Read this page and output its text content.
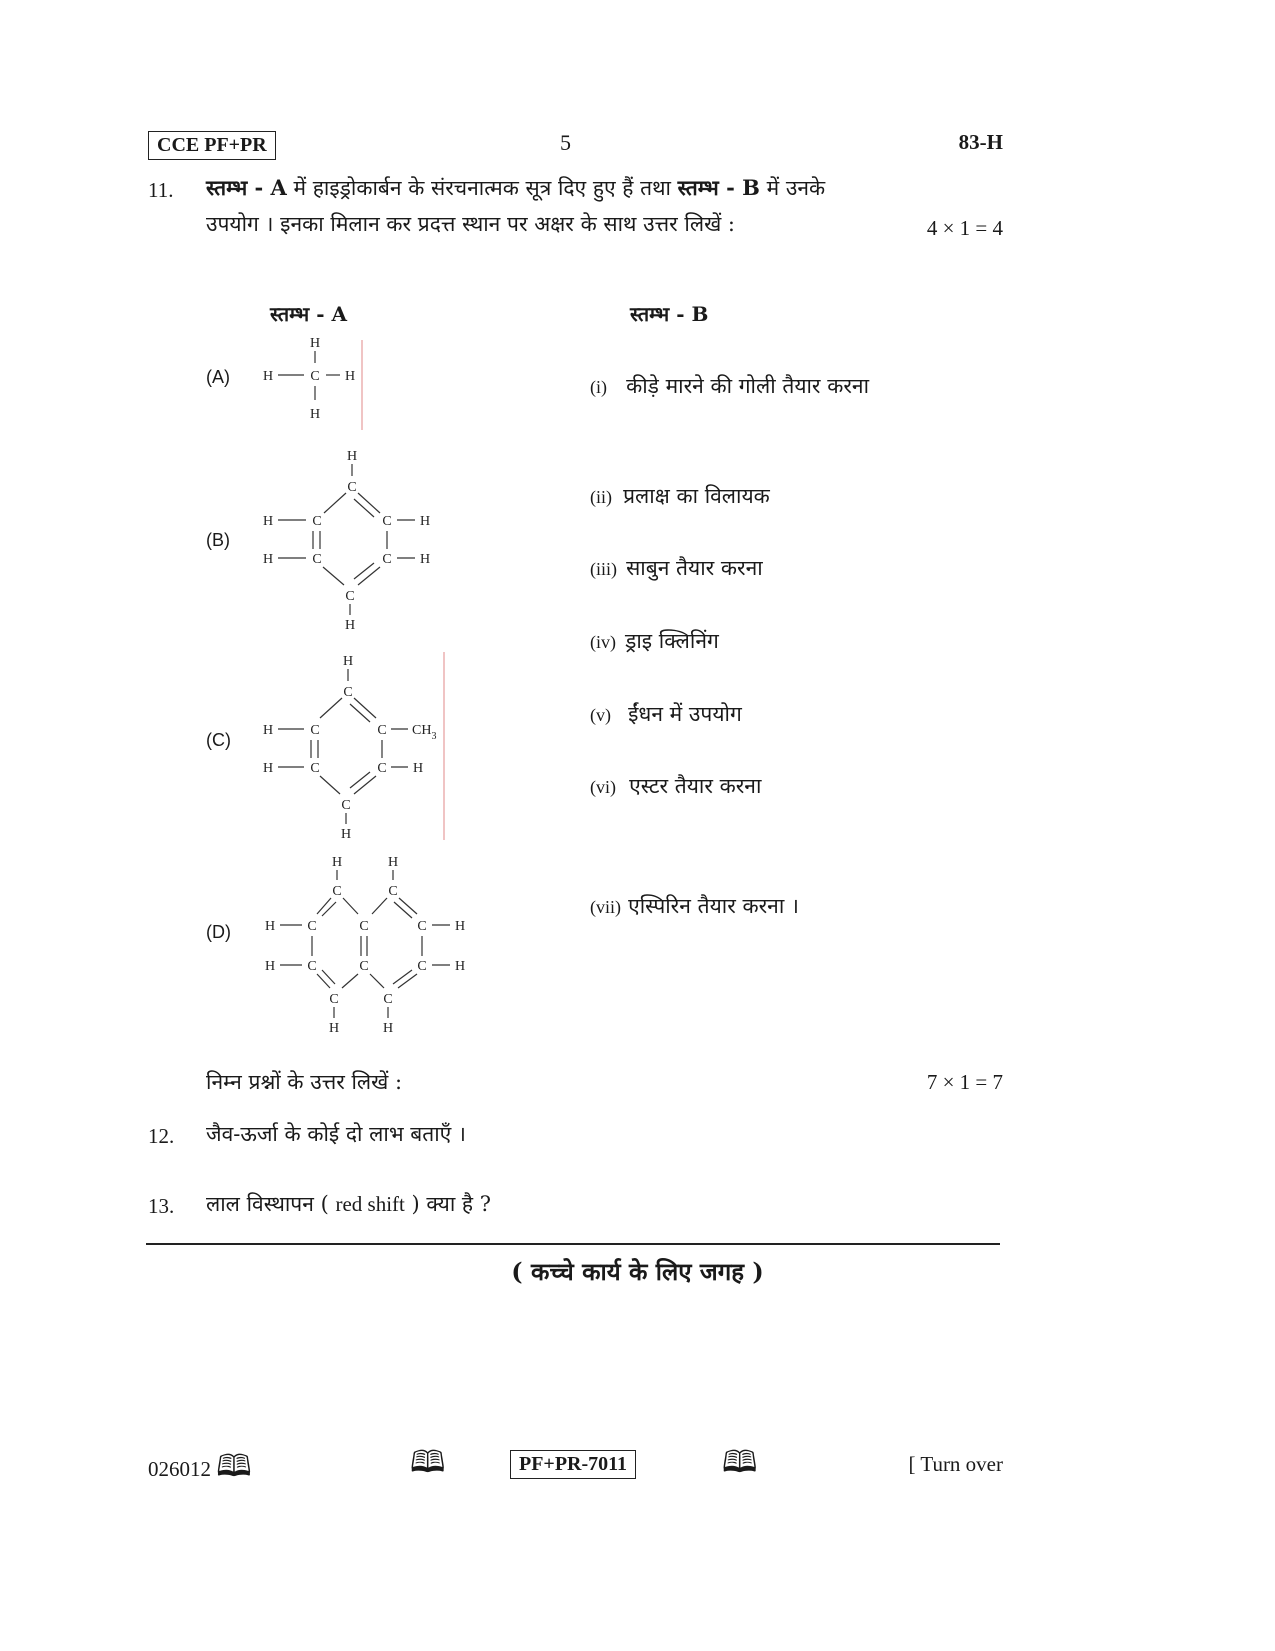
CCE PF+PR	5	83-H
11. स्तम्भ - A में हाइड्रोकार्बन के संरचनात्मक सूत्र दिए हुए हैं तथा स्तम्भ - B में उनके
उपयोग । इनका मिलान कर प्रदत्त स्थान पर अक्षर के साथ उत्तर लिखें :	4 × 1 = 4
स्तम्भ - A	स्तम्भ - B
(A)
(B)
(C)
(D)
H
H	C H
H
H
C
H	C	C H
H	C	C H
C
H
H
C
H	C	C $CH_3$
H	C	C H
C
H
H	H
C	C
H C	C	C H
H C	C	C H
C	C
H	H
(i) कीड़े मारने की गोली तैयार करना
(ii) प्रलाक्ष का विलायक
(iii) साबुन तैयार करना
(iv) ड्राइ क्लिनिंग
(v) ईंधन में उपयोग
(vi) एस्टर तैयार करना
(vii) एस्पिरिन तैयार करना ।
निम्न प्रश्नों के उत्तर लिखें :	7 × 1 = 7
12. जैव-ऊर्जा के कोई दो लाभ बताएँ ।
13. लाल विस्थापन ( red shift ) क्या है ?
( कच्चे कार्य के लिए जगह )
026012 🕮	🕮	PF+PR-7011	🕮	[ Turn over
